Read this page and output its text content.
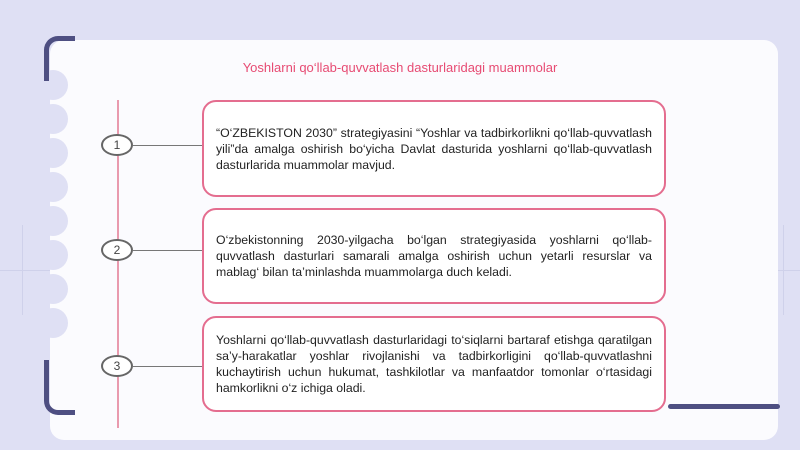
Yoshlarni qo‘llab-quvvatlash dasturlaridagi muammolar
1
2
3

“O‘ZBEKISTON 2030” strategiyasini “Yoshlar va tadbirkorlikni qo‘llab-quvvatlash yili”da amalga oshirish bo‘yicha Davlat dasturida yoshlarni qo‘llab-quvvatlash dasturlarida muammolar mavjud.

O‘zbekistonning 2030-yilgacha bo‘lgan strategiyasida yoshlarni qo‘llab-quvvatlash dasturlari samarali amalga oshirish uchun yetarli resurslar va mablag‘ bilan ta’minlashda muammolarga duch keladi.

Yoshlarni qo‘llab-quvvatlash dasturlaridagi to‘siqlarni bartaraf etishga qaratilgan sa’y-harakatlar yoshlar rivojlanishi va tadbirkorligini qo‘llab-quvvatlashni kuchaytirish uchun hukumat, tashkilotlar va manfaatdor tomonlar o‘rtasidagi hamkorlikni o‘z ichiga oladi.
